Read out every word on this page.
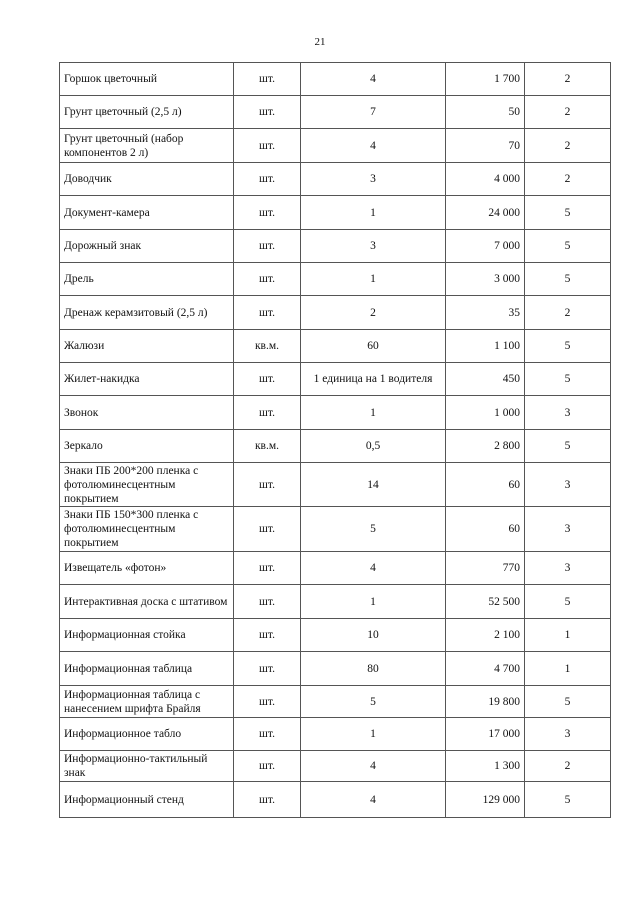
21
Горшок цветочный	шт.	4	1 700	2
Грунт цветочный (2,5 л)	шт.	7	50	2
Грунт цветочный (набор компонентов 2 л)	шт.	4	70	2
Доводчик	шт.	3	4 000	2
Документ-камера	шт.	1	24 000	5
Дорожный знак	шт.	3	7 000	5
Дрель	шт.	1	3 000	5
Дренаж керамзитовый (2,5 л)	шт.	2	35	2
Жалюзи	кв.м.	60	1 100	5
Жилет-накидка	шт.	1 единица на 1 водителя	450	5
Звонок	шт.	1	1 000	3
Зеркало	кв.м.	0,5	2 800	5
Знаки ПБ 200*200 пленка с фотолюминесцентным покрытием	шт.	14	60	3
Знаки ПБ 150*300 пленка с фотолюминесцентным покрытием	шт.	5	60	3
Извещатель «фотон»	шт.	4	770	3
Интерактивная доска с штативом	шт.	1	52 500	5
Информационная стойка	шт.	10	2 100	1
Информационная таблица	шт.	80	4 700	1
Информационная таблица с нанесением шрифта Брайля	шт.	5	19 800	5
Информационное табло	шт.	1	17 000	3
Информационно-тактильный знак	шт.	4	1 300	2
Информационный стенд	шт.	4	129 000	5
